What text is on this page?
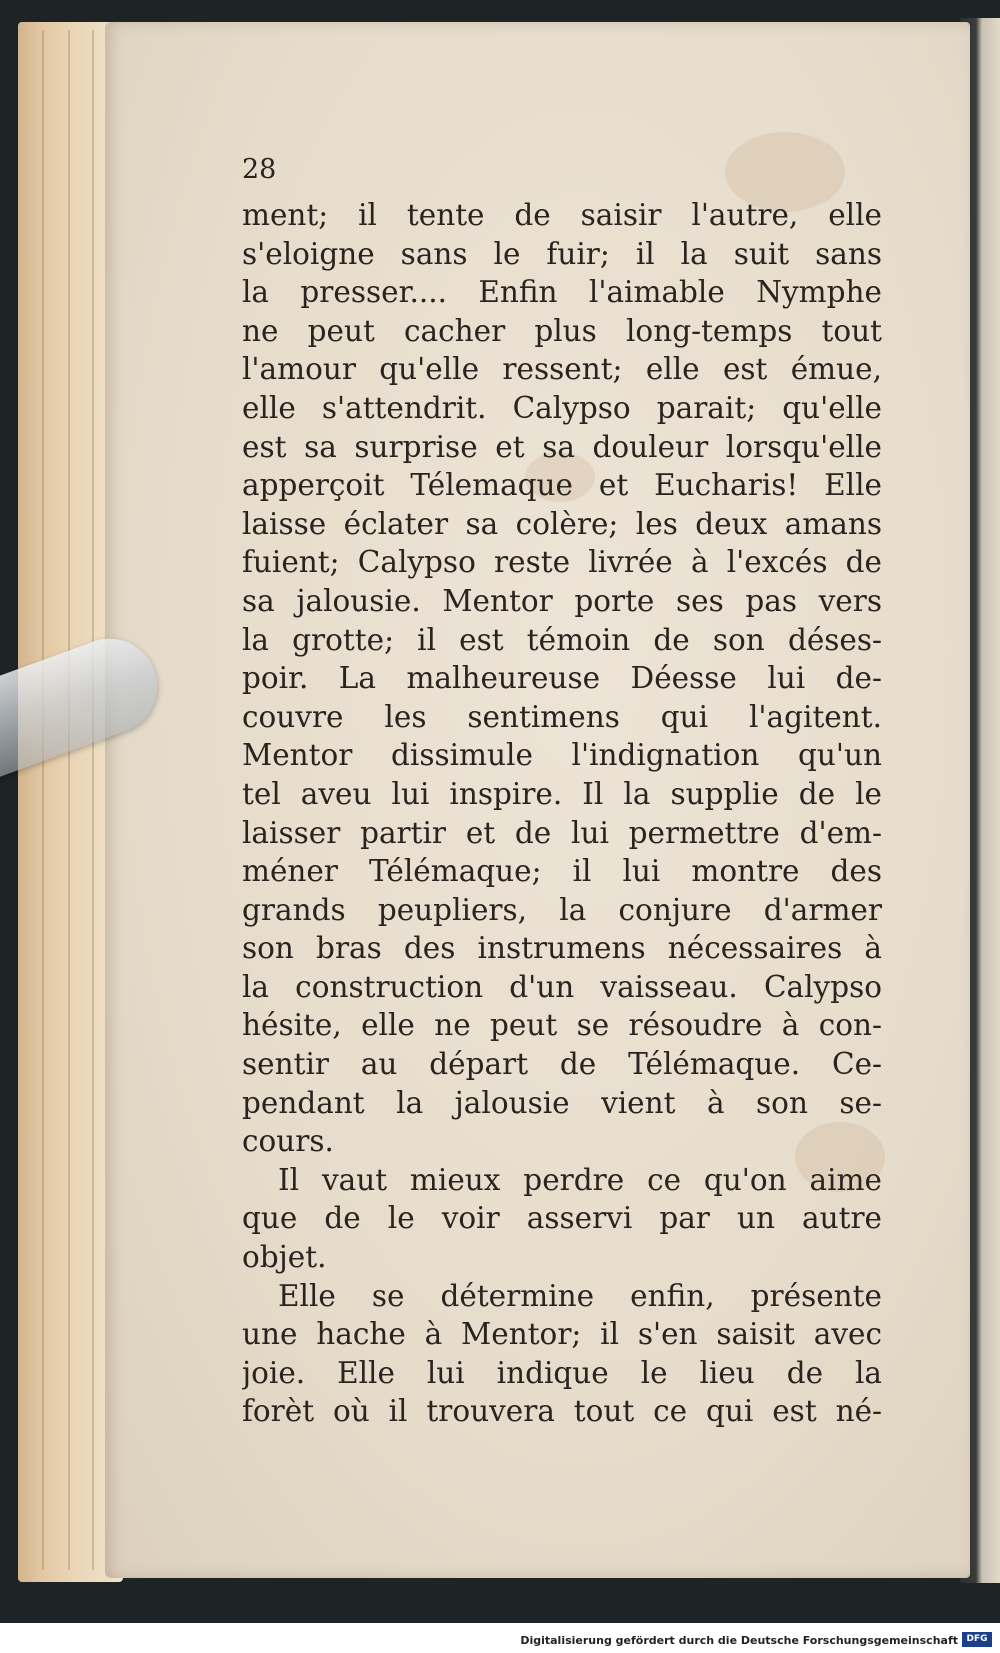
28
ment; il tente de saisir l'autre, elle
s'eloigne sans le fuir; il la suit sans
la presser.... Enfin l'aimable Nymphe
ne peut cacher plus long-temps tout
l'amour qu'elle ressent; elle est émue,
elle s'attendrit. Calypso parait; qu'elle
est sa surprise et sa douleur lorsqu'elle
apperçoit Télemaque et Eucharis! Elle
laisse éclater sa colère; les deux amans
fuient; Calypso reste livrée à l'excés de
sa jalousie. Mentor porte ses pas vers
la grotte; il est témoin de son déses-
poir. La malheureuse Déesse lui de-
couvre les sentimens qui l'agitent.
Mentor dissimule l'indignation qu'un
tel aveu lui inspire. Il la supplie de le
laisser partir et de lui permettre d'em-
méner Télémaque; il lui montre des
grands peupliers, la conjure d'armer
son bras des instrumens nécessaires à
la construction d'un vaisseau. Calypso
hésite, elle ne peut se résoudre à con-
sentir au départ de Télémaque. Ce-
pendant la jalousie vient à son se-
cours.
Il vaut mieux perdre ce qu'on aime
que de le voir asservi par un autre
objet.
Elle se détermine enfin, présente
une hache à Mentor; il s'en saisit avec
joie. Elle lui indique le lieu de la
forèt où il trouvera tout ce qui est né-
Digitalisierung gefördert durch die Deutsche Forschungsgemeinschaft DFG
